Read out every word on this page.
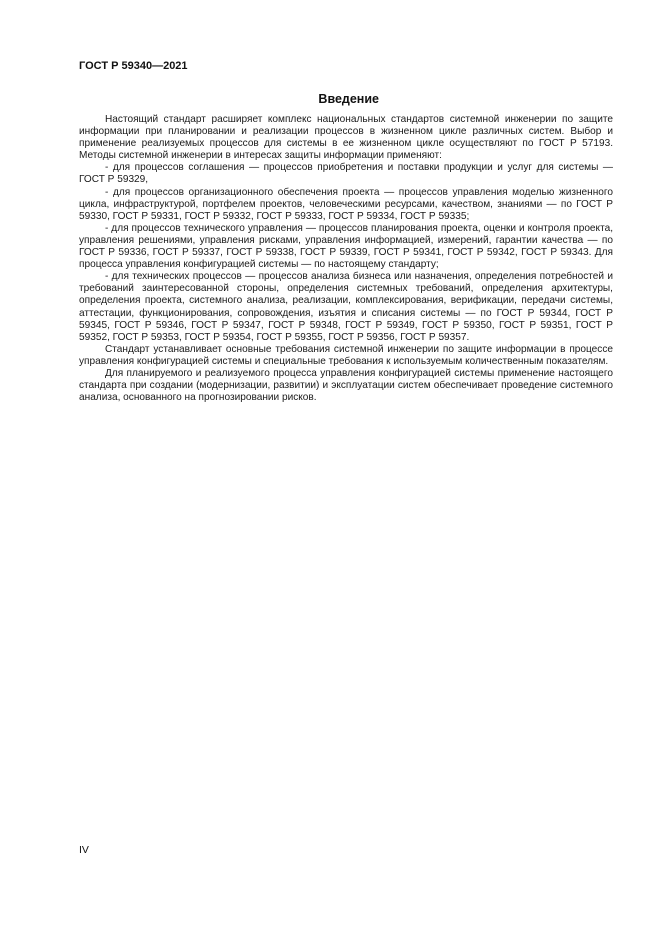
ГОСТ Р 59340—2021
Введение

Настоящий стандарт расширяет комплекс национальных стандартов системной инженерии по защите информации при планировании и реализации процессов в жизненном цикле различных систем. Выбор и применение реализуемых процессов для системы в ее жизненном цикле осуществляют по ГОСТ Р 57193. Методы системной инженерии в интересах защиты информации применяют:

- для процессов соглашения — процессов приобретения и поставки продукции и услуг для системы — ГОСТ Р 59329,

- для процессов организационного обеспечения проекта — процессов управления моделью жизненного цикла, инфраструктурой, портфелем проектов, человеческими ресурсами, качеством, знаниями — по ГОСТ Р 59330, ГОСТ Р 59331, ГОСТ Р 59332, ГОСТ Р 59333, ГОСТ Р 59334, ГОСТ Р 59335;

- для процессов технического управления — процессов планирования проекта, оценки и контроля проекта, управления решениями, управления рисками, управления информацией, измерений, гарантии качества — по ГОСТ Р 59336, ГОСТ Р 59337, ГОСТ Р 59338, ГОСТ Р 59339, ГОСТ Р 59341, ГОСТ Р 59342, ГОСТ Р 59343. Для процесса управления конфигурацией системы — по настоящему стандарту;

- для технических процессов — процессов анализа бизнеса или назначения, определения потребностей и требований заинтересованной стороны, определения системных требований, определения архитектуры, определения проекта, системного анализа, реализации, комплексирования, верификации, передачи системы, аттестации, функционирования, сопровождения, изъятия и списания системы — по ГОСТ Р 59344, ГОСТ Р 59345, ГОСТ Р 59346, ГОСТ Р 59347, ГОСТ Р 59348, ГОСТ Р 59349, ГОСТ Р 59350, ГОСТ Р 59351, ГОСТ Р 59352, ГОСТ Р 59353, ГОСТ Р 59354, ГОСТ Р 59355, ГОСТ Р 59356, ГОСТ Р 59357.

Стандарт устанавливает основные требования системной инженерии по защите информации в процессе управления конфигурацией системы и специальные требования к используемым количественным показателям.

Для планируемого и реализуемого процесса управления конфигурацией системы применение настоящего стандарта при создании (модернизации, развитии) и эксплуатации систем обеспечивает проведение системного анализа, основанного на прогнозировании рисков.

IV
